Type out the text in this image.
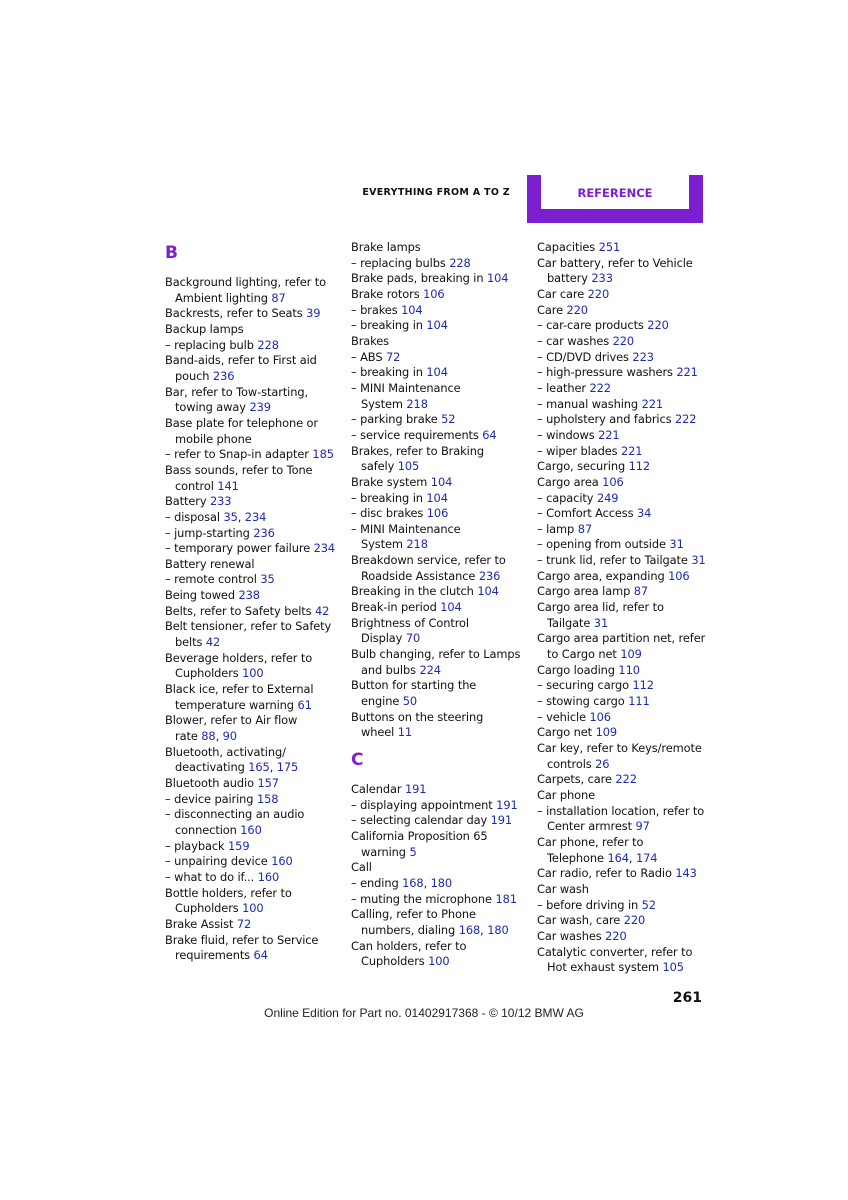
EVERYTHING FROM A TO Z	REFERENCE
B
Background lighting, refer to
Ambient lighting 87
Backrests, refer to Seats 39
Backup lamps
– replacing bulb 228
Band-aids, refer to First aid
pouch 236
Bar, refer to Tow-starting,
towing away 239
Base plate for telephone or
mobile phone
– refer to Snap-in adapter 185
Bass sounds, refer to Tone
control 141
Battery 233
– disposal 35, 234
– jump-starting 236
– temporary power failure 234
Battery renewal
– remote control 35
Being towed 238
Belts, refer to Safety belts 42
Belt tensioner, refer to Safety
belts 42
Beverage holders, refer to
Cupholders 100
Black ice, refer to External
temperature warning 61
Blower, refer to Air flow
rate 88, 90
Bluetooth, activating/
deactivating 165, 175
Bluetooth audio 157
– device pairing 158
– disconnecting an audio
connection 160
– playback 159
– unpairing device 160
– what to do if... 160
Bottle holders, refer to
Cupholders 100
Brake Assist 72
Brake fluid, refer to Service
requirements 64
Brake lamps
– replacing bulbs 228
Brake pads, breaking in 104
Brake rotors 106
– brakes 104
– breaking in 104
Brakes
– ABS 72
– breaking in 104
– MINI Maintenance
System 218
– parking brake 52
– service requirements 64
Brakes, refer to Braking
safely 105
Brake system 104
– breaking in 104
– disc brakes 106
– MINI Maintenance
System 218
Breakdown service, refer to
Roadside Assistance 236
Breaking in the clutch 104
Break-in period 104
Brightness of Control
Display 70
Bulb changing, refer to Lamps
and bulbs 224
Button for starting the
engine 50
Buttons on the steering
wheel 11
C
Calendar 191
– displaying appointment 191
– selecting calendar day 191
California Proposition 65
warning 5
Call
– ending 168, 180
– muting the microphone 181
Calling, refer to Phone
numbers, dialing 168, 180
Can holders, refer to
Cupholders 100
Capacities 251
Car battery, refer to Vehicle
battery 233
Car care 220
Care 220
– car-care products 220
– car washes 220
– CD/DVD drives 223
– high-pressure washers 221
– leather 222
– manual washing 221
– upholstery and fabrics 222
– windows 221
– wiper blades 221
Cargo, securing 112
Cargo area 106
– capacity 249
– Comfort Access 34
– lamp 87
– opening from outside 31
– trunk lid, refer to Tailgate 31
Cargo area, expanding 106
Cargo area lamp 87
Cargo area lid, refer to
Tailgate 31
Cargo area partition net, refer
to Cargo net 109
Cargo loading 110
– securing cargo 112
– stowing cargo 111
– vehicle 106
Cargo net 109
Car key, refer to Keys/remote
controls 26
Carpets, care 222
Car phone
– installation location, refer to
Center armrest 97
Car phone, refer to
Telephone 164, 174
Car radio, refer to Radio 143
Car wash
– before driving in 52
Car wash, care 220
Car washes 220
Catalytic converter, refer to
Hot exhaust system 105
261
Online Edition for Part no. 01402917368 - © 10/12 BMW AG
